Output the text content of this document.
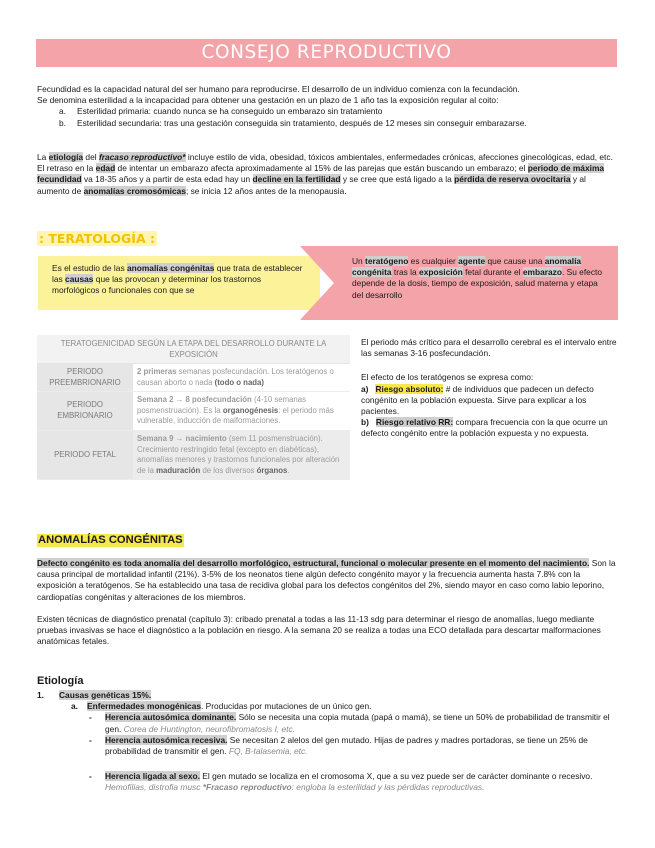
CONSEJO REPRODUCTIVO

Fecundidad es la capacidad natural del ser humano para reproducirse. El desarrollo de un individuo comienza con la fecundación.

Se denomina esterilidad a la incapacidad para obtener una gestación en un plazo de 1 año tas la exposición regular al coito:

a. Esterilidad primaria: cuando nunca se ha conseguido un embarazo sin tratamiento

b. Esterilidad secundaria: tras una gestación conseguida sin tratamiento, después de 12 meses sin conseguir embarazarse.

La etiología del fracaso reproductivo* incluye estilo de vida, obesidad, tóxicos ambientales, enfermedades crónicas, afecciones ginecológicas, edad, etc.

El retraso en la edad de intentar un embarazo afecta aproximadamente al 15% de las parejas que están buscando un embarazo; el periodo de máxima fecundidad va 18-35 años y a partir de esta edad hay un decline en la fertilidad y se cree que está ligado a la pérdida de reserva ovocitaria y al aumento de anomalías cromosómicas; se inicia 12 años antes de la menopausia.

: TERATOLOGÍA :

Es el estudio de las anomalías congénitas que trata de establecer las causas que las provocan y determinar los trastornos morfológicos o funcionales con que se

Un teratógeno es cualquier agente que cause una anomalía congénita tras la exposición fetal durante el embarazo. Su efecto depende de la dosis, tiempo de exposición, salud materna y etapa del desarrollo

TERATOGENICIDAD SEGÚN LA ETAPA DEL DESARROLLO DURANTE LA EXPOSICIÓN	
PERIODO PREEMBRIONARIO	2 primeras semanas posfecundación. Los teratógenos o causan aborto o nada (todo o nada)
PERIODO EMBRIONARIO	Semana 2 → 8 posfecundación (4-10 semanas posmenstruación). Es la organogénesis: el periodo más vulnerable, inducción de malformaciones.
PERIODO FETAL	Semana 9 → nacimiento (sem 11 posmenstruación). Crecimiento restringido fetal (excepto en diabéticas), anomalías menores y trastornos funcionales por alteración de la maduración de los diversos órganos.

El periodo más crítico para el desarrollo cerebral es el intervalo entre las semanas 3-16 posfecundación.

El efecto de los teratógenos se expresa como:

a) Riesgo absoluto: # de individuos que padecen un defecto congénito en la población expuesta. Sirve para explicar a los pacientes.

b) Riesgo relativo RR: compara frecuencia con la que ocurre un defecto congénito entre la población expuesta y no expuesta.

ANOMALÍAS CONGÉNITAS

Defecto congénito es toda anomalía del desarrollo morfológico, estructural, funcional o molecular presente en el momento del nacimiento. Son la causa principal de mortalidad infantil (21%). 3-5% de los neonatos tiene algún defecto congénito mayor y la frecuencia aumenta hasta 7.8% con la exposición a teratógenos. Se ha establecido una tasa de recidiva global para los defectos congénitos del 2%, siendo mayor en caso como labio leporino, cardiopatías congénitas y alteraciones de los miembros.

Existen técnicas de diagnóstico prenatal (capítulo 3): cribado prenatal a todas a las 11-13 sdg para determinar el riesgo de anomalías, luego mediante pruebas invasivas se hace el diagnóstico a la población en riesgo. A la semana 20 se realiza a todas una ECO detallada para descartar malformaciones anatómicas fetales.

Etiología

1. Causas genéticas 15%.

a. Enfermedades monogénicas. Producidas por mutaciones de un único gen.

- Herencia autosómica dominante. Sólo se necesita una copia mutada (papá o mamá), se tiene un 50% de probabilidad de transmitir el gen. Corea de Huntington, neurofibromatosis I, etc.

- Herencia autosómica recesiva. Se necesitan 2 alelos del gen mutado. Hijas de padres y madres portadoras, se tiene un 25% de probabilidad de transmitir el gen. FQ, B-talasemia, etc.

- Herencia ligada al sexo. El gen mutado se localiza en el cromosoma X, que a su vez puede ser de carácter dominante o recesivo. Hemofilias, distrofia musc *Fracaso reproductivo: engloba la esterilidad y las pérdidas reproductivas.
